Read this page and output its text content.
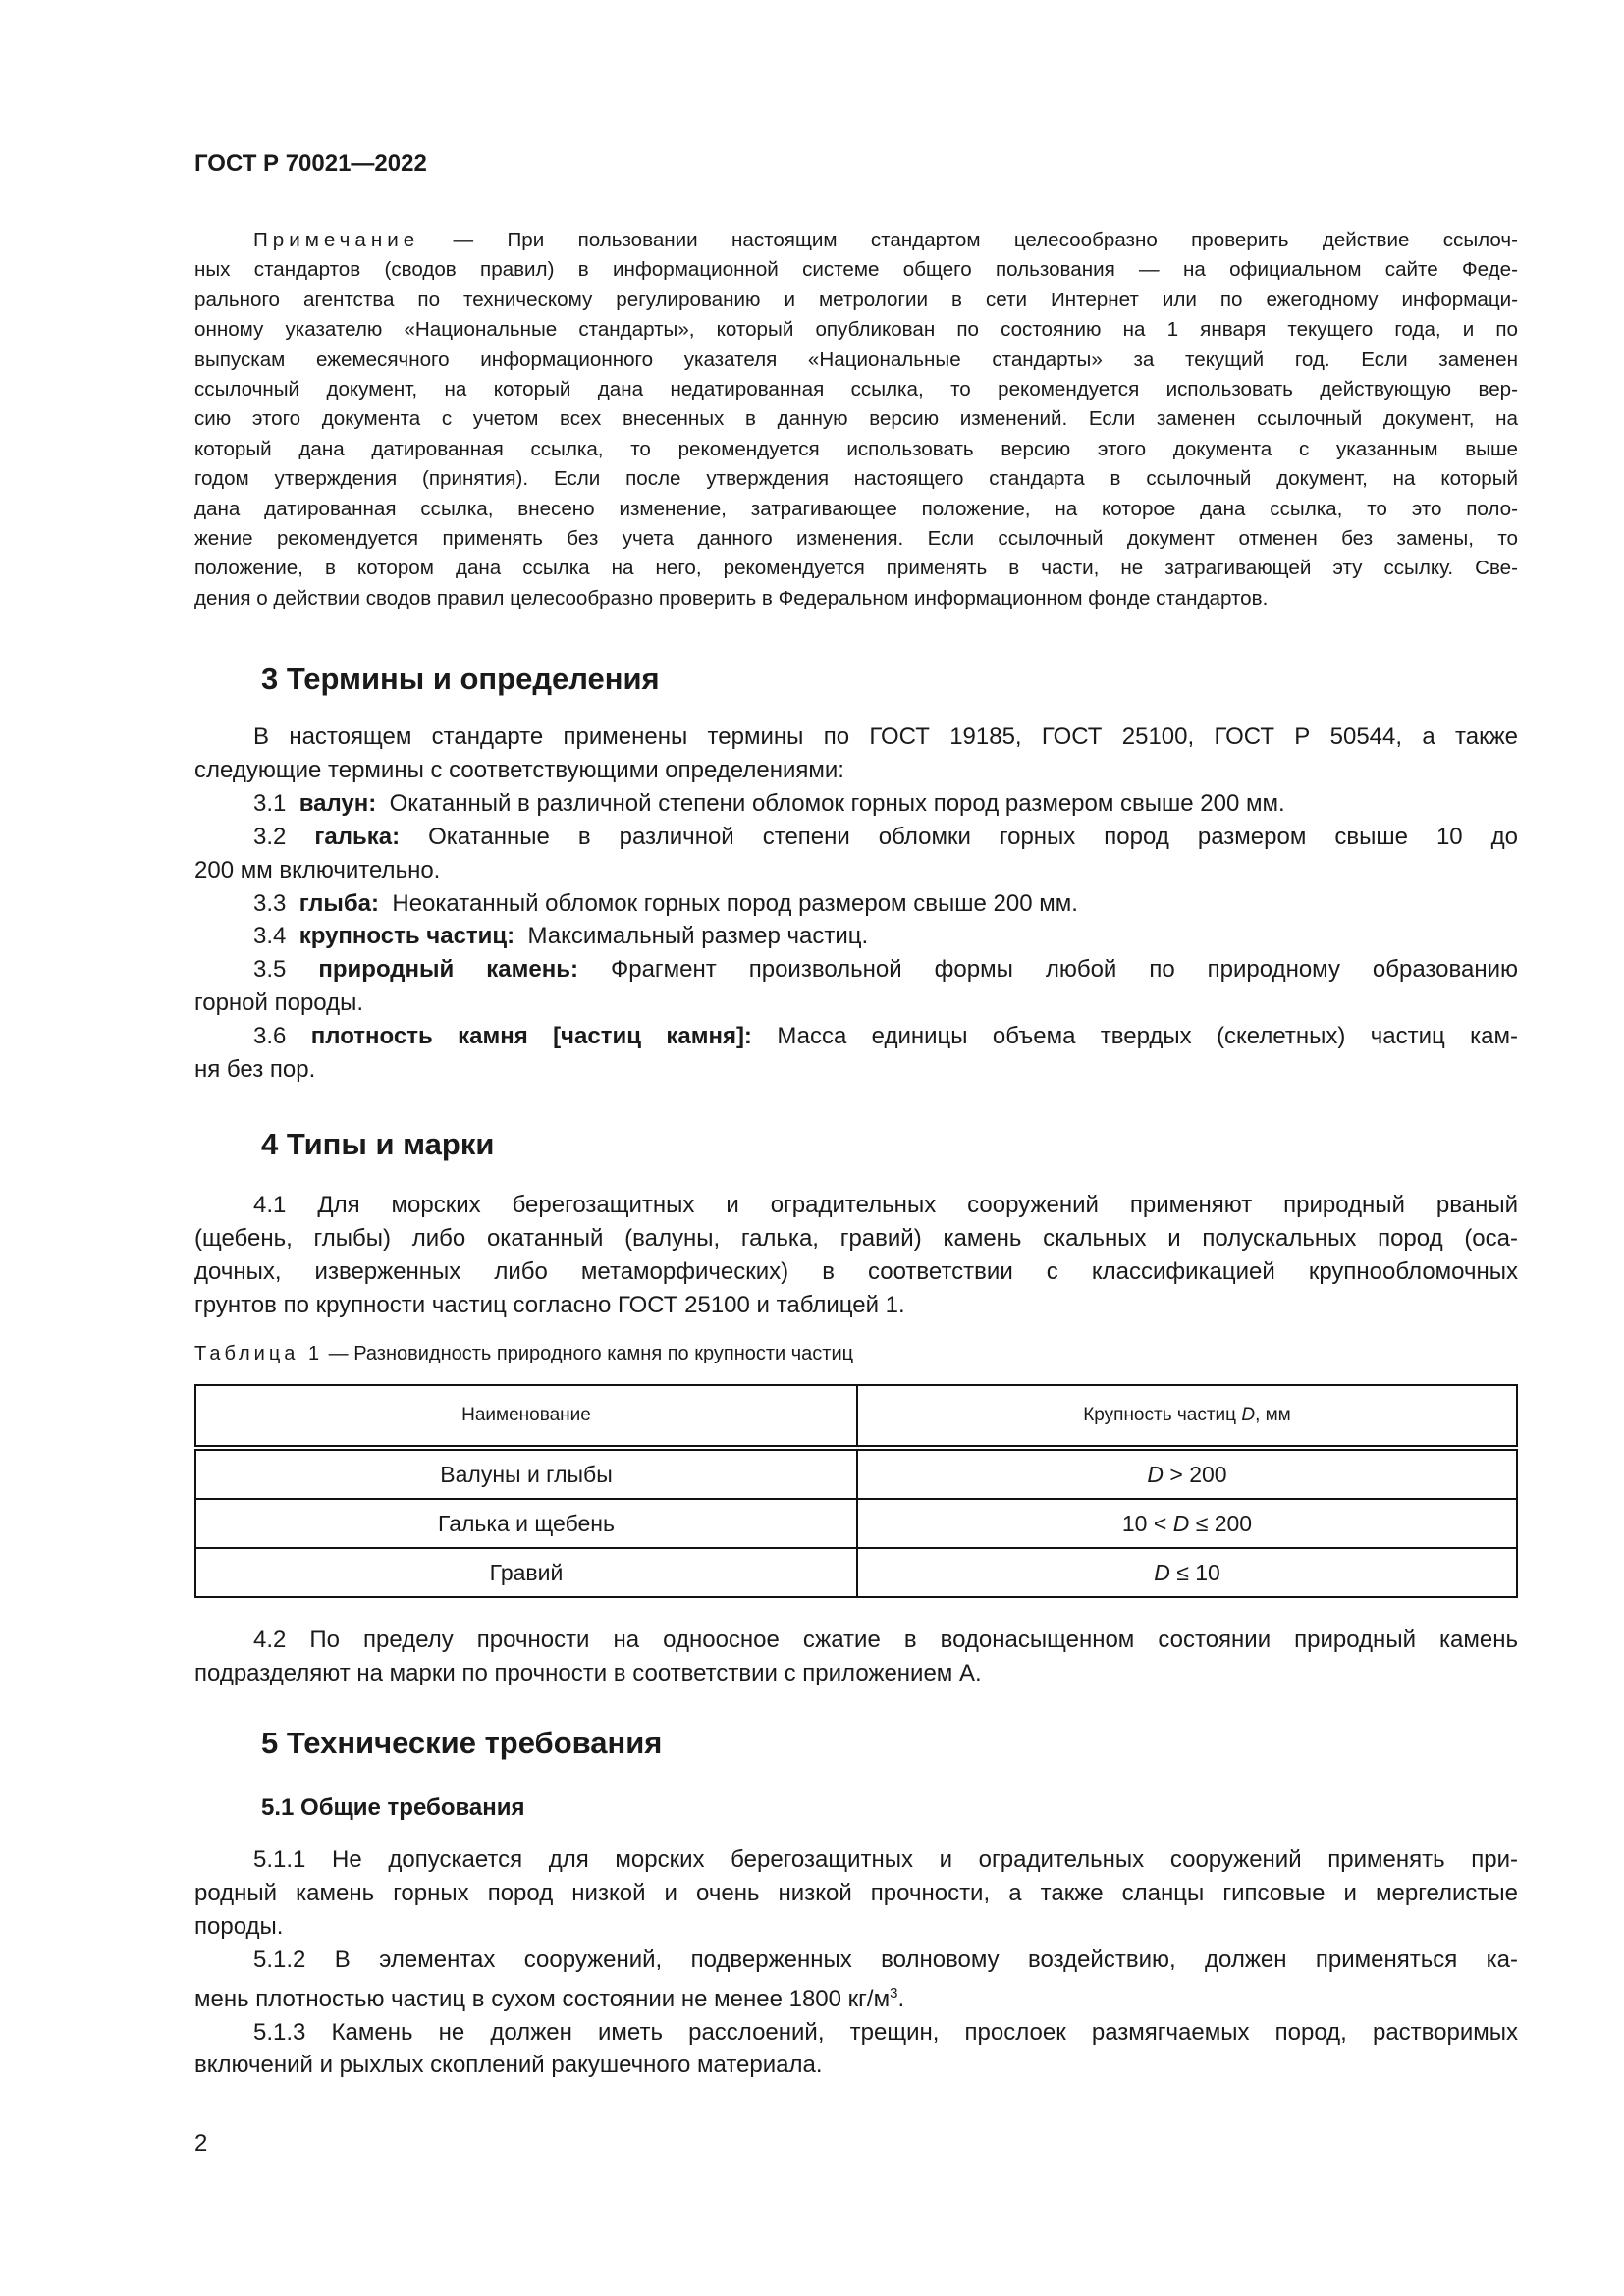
ГОСТ Р 70021—2022
Примечание — При пользовании настоящим стандартом целесообразно проверить действие ссылоч-
ных стандартов (сводов правил) в информационной системе общего пользования — на официальном сайте Феде-
рального агентства по техническому регулированию и метрологии в сети Интернет или по ежегодному информаци-
онному указателю «Национальные стандарты», который опубликован по состоянию на 1 января текущего года, и по
выпускам ежемесячного информационного указателя «Национальные стандарты» за текущий год. Если заменен
ссылочный документ, на который дана недатированная ссылка, то рекомендуется использовать действующую вер-
сию этого документа с учетом всех внесенных в данную версию изменений. Если заменен ссылочный документ, на
который дана датированная ссылка, то рекомендуется использовать версию этого документа с указанным выше
годом утверждения (принятия). Если после утверждения настоящего стандарта в ссылочный документ, на который
дана датированная ссылка, внесено изменение, затрагивающее положение, на которое дана ссылка, то это поло-
жение рекомендуется применять без учета данного изменения. Если ссылочный документ отменен без замены, то
положение, в котором дана ссылка на него, рекомендуется применять в части, не затрагивающей эту ссылку. Све-
дения о действии сводов правил целесообразно проверить в Федеральном информационном фонде стандартов.
3 Термины и определения
В настоящем стандарте применены термины по ГОСТ 19185, ГОСТ 25100, ГОСТ Р 50544, а также
следующие термины с соответствующими определениями:
3.1 валун: Окатанный в различной степени обломок горных пород размером свыше 200 мм.
3.2 галька: Окатанные в различной степени обломки горных пород размером свыше 10 до
200 мм включительно.
3.3 глыба: Неокатанный обломок горных пород размером свыше 200 мм.
3.4 крупность частиц: Максимальный размер частиц.
3.5 природный камень: Фрагмент произвольной формы любой по природному образованию
горной породы.
3.6 плотность камня [частиц камня]: Масса единицы объема твердых (скелетных) частиц кам-
ня без пор.
4 Типы и марки
4.1 Для морских берегозащитных и оградительных сооружений применяют природный рваный
(щебень, глыбы) либо окатанный (валуны, галька, гравий) камень скальных и полускальных пород (оса-
дочных, изверженных либо метаморфических) в соответствии с классификацией крупнообломочных
грунтов по крупности частиц согласно ГОСТ 25100 и таблицей 1.
Таблица 1 — Разновидность природного камня по крупности частиц
Наименование	Крупность частиц D, мм
Валуны и глыбы	D > 200
Галька и щебень	10 < D ≤ 200
Гравий	D ≤ 10
4.2 По пределу прочности на одноосное сжатие в водонасыщенном состоянии природный камень
подразделяют на марки по прочности в соответствии с приложением А.
5 Технические требования
5.1 Общие требования
5.1.1 Не допускается для морских берегозащитных и оградительных сооружений применять при-
родный камень горных пород низкой и очень низкой прочности, а также сланцы гипсовые и мергелистые
породы.
5.1.2 В элементах сооружений, подверженных волновому воздействию, должен применяться ка-
мень плотностью частиц в сухом состоянии не менее 1800 $кг/м^3$.
5.1.3 Камень не должен иметь расслоений, трещин, прослоек размягчаемых пород, растворимых
включений и рыхлых скоплений ракушечного материала.
2
